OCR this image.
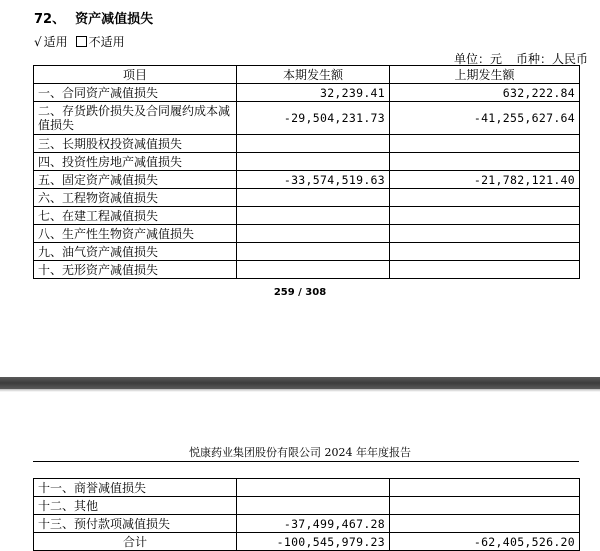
72、 资产减值损失
√ 适用 不适用
单位：元 币种：人民币
项目	本期发生额	上期发生额
一、合同资产减值损失	32,239.41	632,222.84
二、存货跌价损失及合同履约成本减值损失	-29,504,231.73	-41,255,627.64
三、长期股权投资减值损失		
四、投资性房地产减值损失		
五、固定资产减值损失	-33,574,519.63	-21,782,121.40
六、工程物资减值损失		
七、在建工程减值损失		
八、生产性生物资产减值损失		
九、油气资产减值损失		
十、无形资产减值损失		
259 / 308
悦康药业集团股份有限公司 2024 年年度报告
十一、商誉减值损失		
十二、其他		
十三、预付款项减值损失	-37,499,467.28	
合计	-100,545,979.23	-62,405,526.20
